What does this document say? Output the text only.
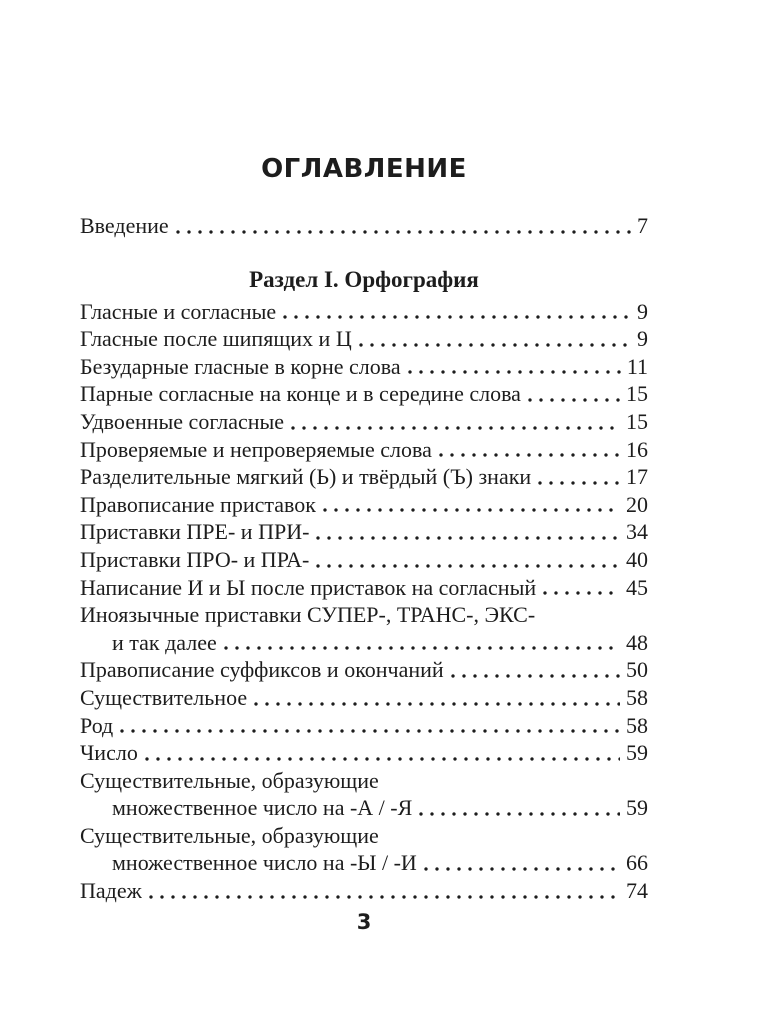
ОГЛАВЛЕНИЕ
Введение	7
Раздел I. Орфография
Гласные и согласные	9
Гласные после шипящих и Ц	9
Безударные гласные в корне слова	11
Парные согласные на конце и в середине слова	15
Удвоенные согласные	15
Проверяемые и непроверяемые слова	16
Разделительные мягкий (Ь) и твёрдый (Ъ) знаки	17
Правописание приставок	20
Приставки ПРЕ- и ПРИ-	34
Приставки ПРО- и ПРА-	40
Написание И и Ы после приставок на согласный	45
Иноязычные приставки СУПЕР-, ТРАНС-, ЭКС-
и так далее	48
Правописание суффиксов и окончаний	50
Существительное	58
Род	58
Число	59
Существительные, образующие
множественное число на -А / -Я	59
Существительные, образующие
множественное число на -Ы / -И	66
Падеж	74
3
